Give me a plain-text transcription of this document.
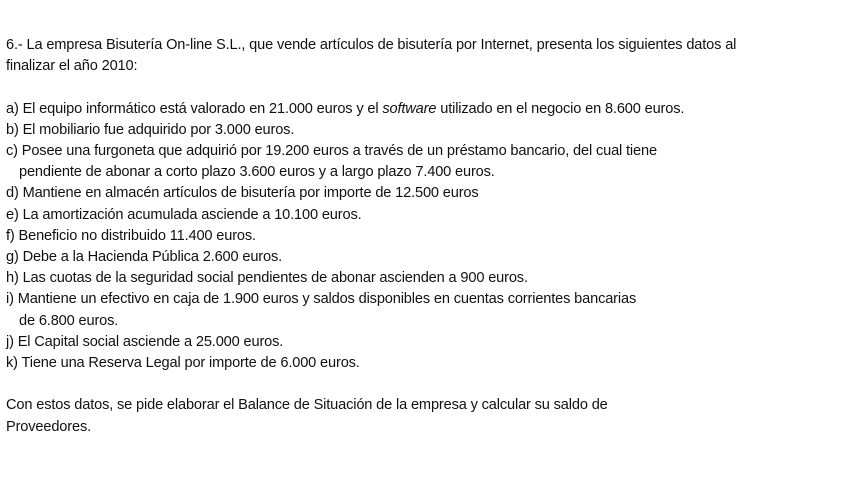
6.- La empresa Bisutería On-line S.L., que vende artículos de bisutería por Internet, presenta los siguientes datos al

finalizar el año 2010:

a) El equipo informático está valorado en 21.000 euros y el software utilizado en el negocio en 8.600 euros.

b) El mobiliario fue adquirido por 3.000 euros.

c) Posee una furgoneta que adquirió por 19.200 euros a través de un préstamo bancario, del cual tiene

pendiente de abonar a corto plazo 3.600 euros y a largo plazo 7.400 euros.

d) Mantiene en almacén artículos de bisutería por importe de 12.500 euros

e) La amortización acumulada asciende a 10.100 euros.

f) Beneficio no distribuido 11.400 euros.

g) Debe a la Hacienda Pública 2.600 euros.

h) Las cuotas de la seguridad social pendientes de abonar ascienden a 900 euros.

i) Mantiene un efectivo en caja de 1.900 euros y saldos disponibles en cuentas corrientes bancarias

de 6.800 euros.

j) El Capital social asciende a 25.000 euros.

k) Tiene una Reserva Legal por importe de 6.000 euros.

Con estos datos, se pide elaborar el Balance de Situación de la empresa y calcular su saldo de

Proveedores.
